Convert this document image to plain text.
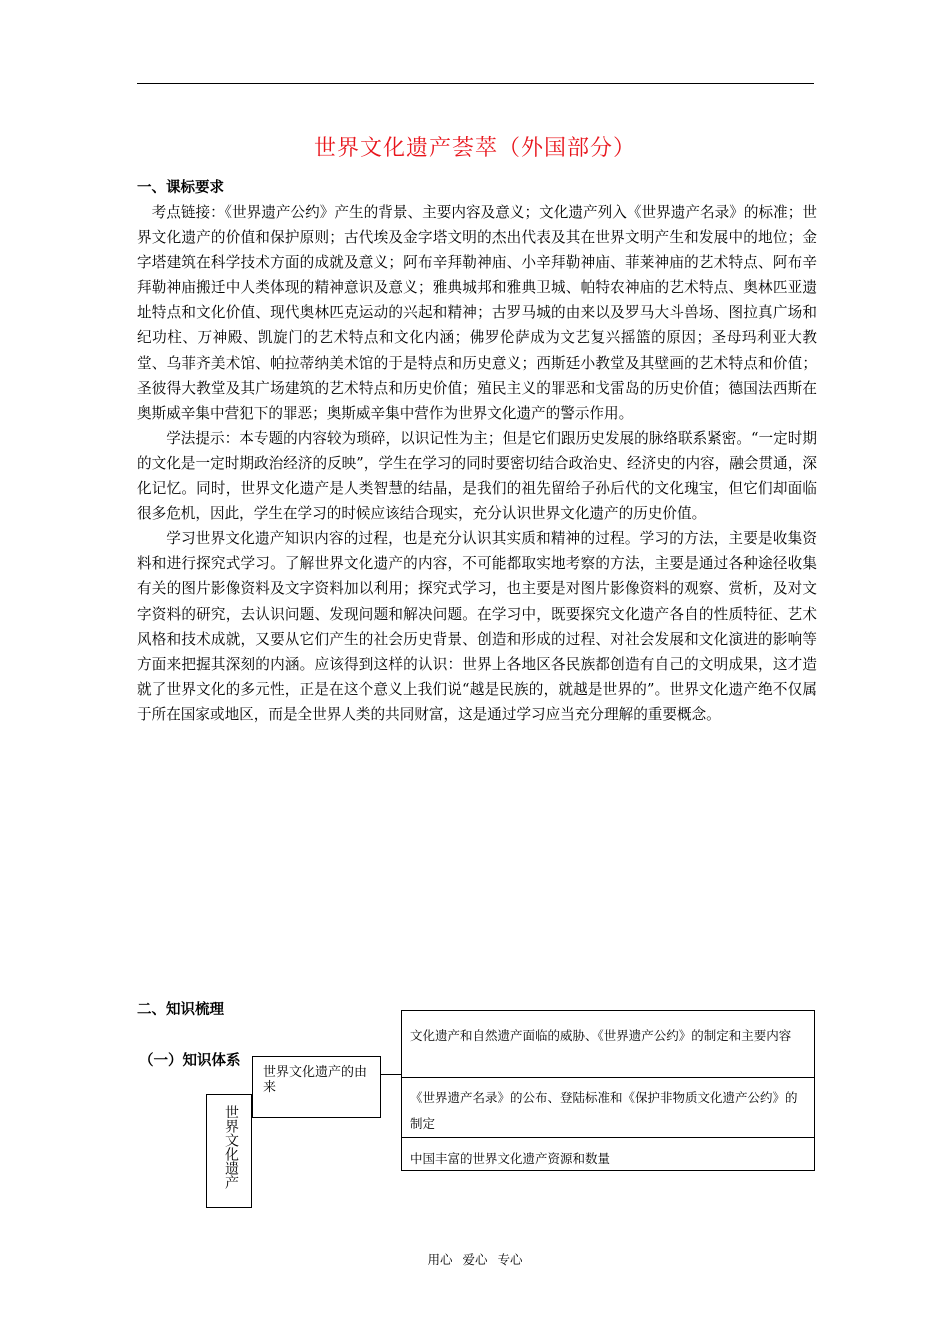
世界文化遗产荟萃（外国部分）
一、课标要求

考点链接：《世界遗产公约》产生的背景、主要内容及意义；文化遗产列入《世界遗产名录》的标准；世界文化遗产的价值和保护原则；古代埃及金字塔文明的杰出代表及其在世界文明产生和发展中的地位；金字塔建筑在科学技术方面的成就及意义；阿布辛拜勒神庙、小辛拜勒神庙、菲莱神庙的艺术特点、阿布辛拜勒神庙搬迁中人类体现的精神意识及意义；雅典城邦和雅典卫城、帕特农神庙的艺术特点、奥林匹亚遗址特点和文化价值、现代奥林匹克运动的兴起和精神；古罗马城的由来以及罗马大斗兽场、图拉真广场和纪功柱、万神殿、凯旋门的艺术特点和文化内涵；佛罗伦萨成为文艺复兴摇篮的原因；圣母玛利亚大教堂、乌菲齐美术馆、帕拉蒂纳美术馆的于是特点和历史意义；西斯廷小教堂及其壁画的艺术特点和价值；圣彼得大教堂及其广场建筑的艺术特点和历史价值；殖民主义的罪恶和戈雷岛的历史价值；德国法西斯在奥斯威辛集中营犯下的罪恶；奥斯威辛集中营作为世界文化遗产的警示作用。

学法提示：本专题的内容较为琐碎，以识记性为主；但是它们跟历史发展的脉络联系紧密。“一定时期的文化是一定时期政治经济的反映”，学生在学习的同时要密切结合政治史、经济史的内容，融会贯通，深化记忆。同时，世界文化遗产是人类智慧的结晶，是我们的祖先留给子孙后代的文化瑰宝，但它们却面临很多危机，因此，学生在学习的时候应该结合现实，充分认识世界文化遗产的历史价值。

学习世界文化遗产知识内容的过程，也是充分认识其实质和精神的过程。学习的方法，主要是收集资料和进行探究式学习。了解世界文化遗产的内容，不可能都取实地考察的方法，主要是通过各种途径收集有关的图片影像资料及文字资料加以利用；探究式学习，也主要是对图片影像资料的观察、赏析，及对文字资料的研究，去认识问题、发现问题和解决问题。在学习中，既要探究文化遗产各自的性质特征、艺术风格和技术成就，又要从它们产生的社会历史背景、创造和形成的过程、对社会发展和文化演进的影响等方面来把握其深刻的内涵。应该得到这样的认识：世界上各地区各民族都创造有自己的文明成果，这才造就了世界文化的多元性，正是在这个意义上我们说“越是民族的，就越是世界的”。世界文化遗产绝不仅属于所在国家或地区，而是全世界人类的共同财富，这是通过学习应当充分理解的重要概念。

二、知识梳理
文化遗产和自然遗产面临的威胁、《世界遗产公约》的制定和主要内容
《世界遗产名录》的公布、登陆标准和《保护非物质文化遗产公约》的制定
中国丰富的世界文化遗产资源和数量
世界文化遗产的由来
（一）知识体系
世界文化遗产
用心 爱心 专心
